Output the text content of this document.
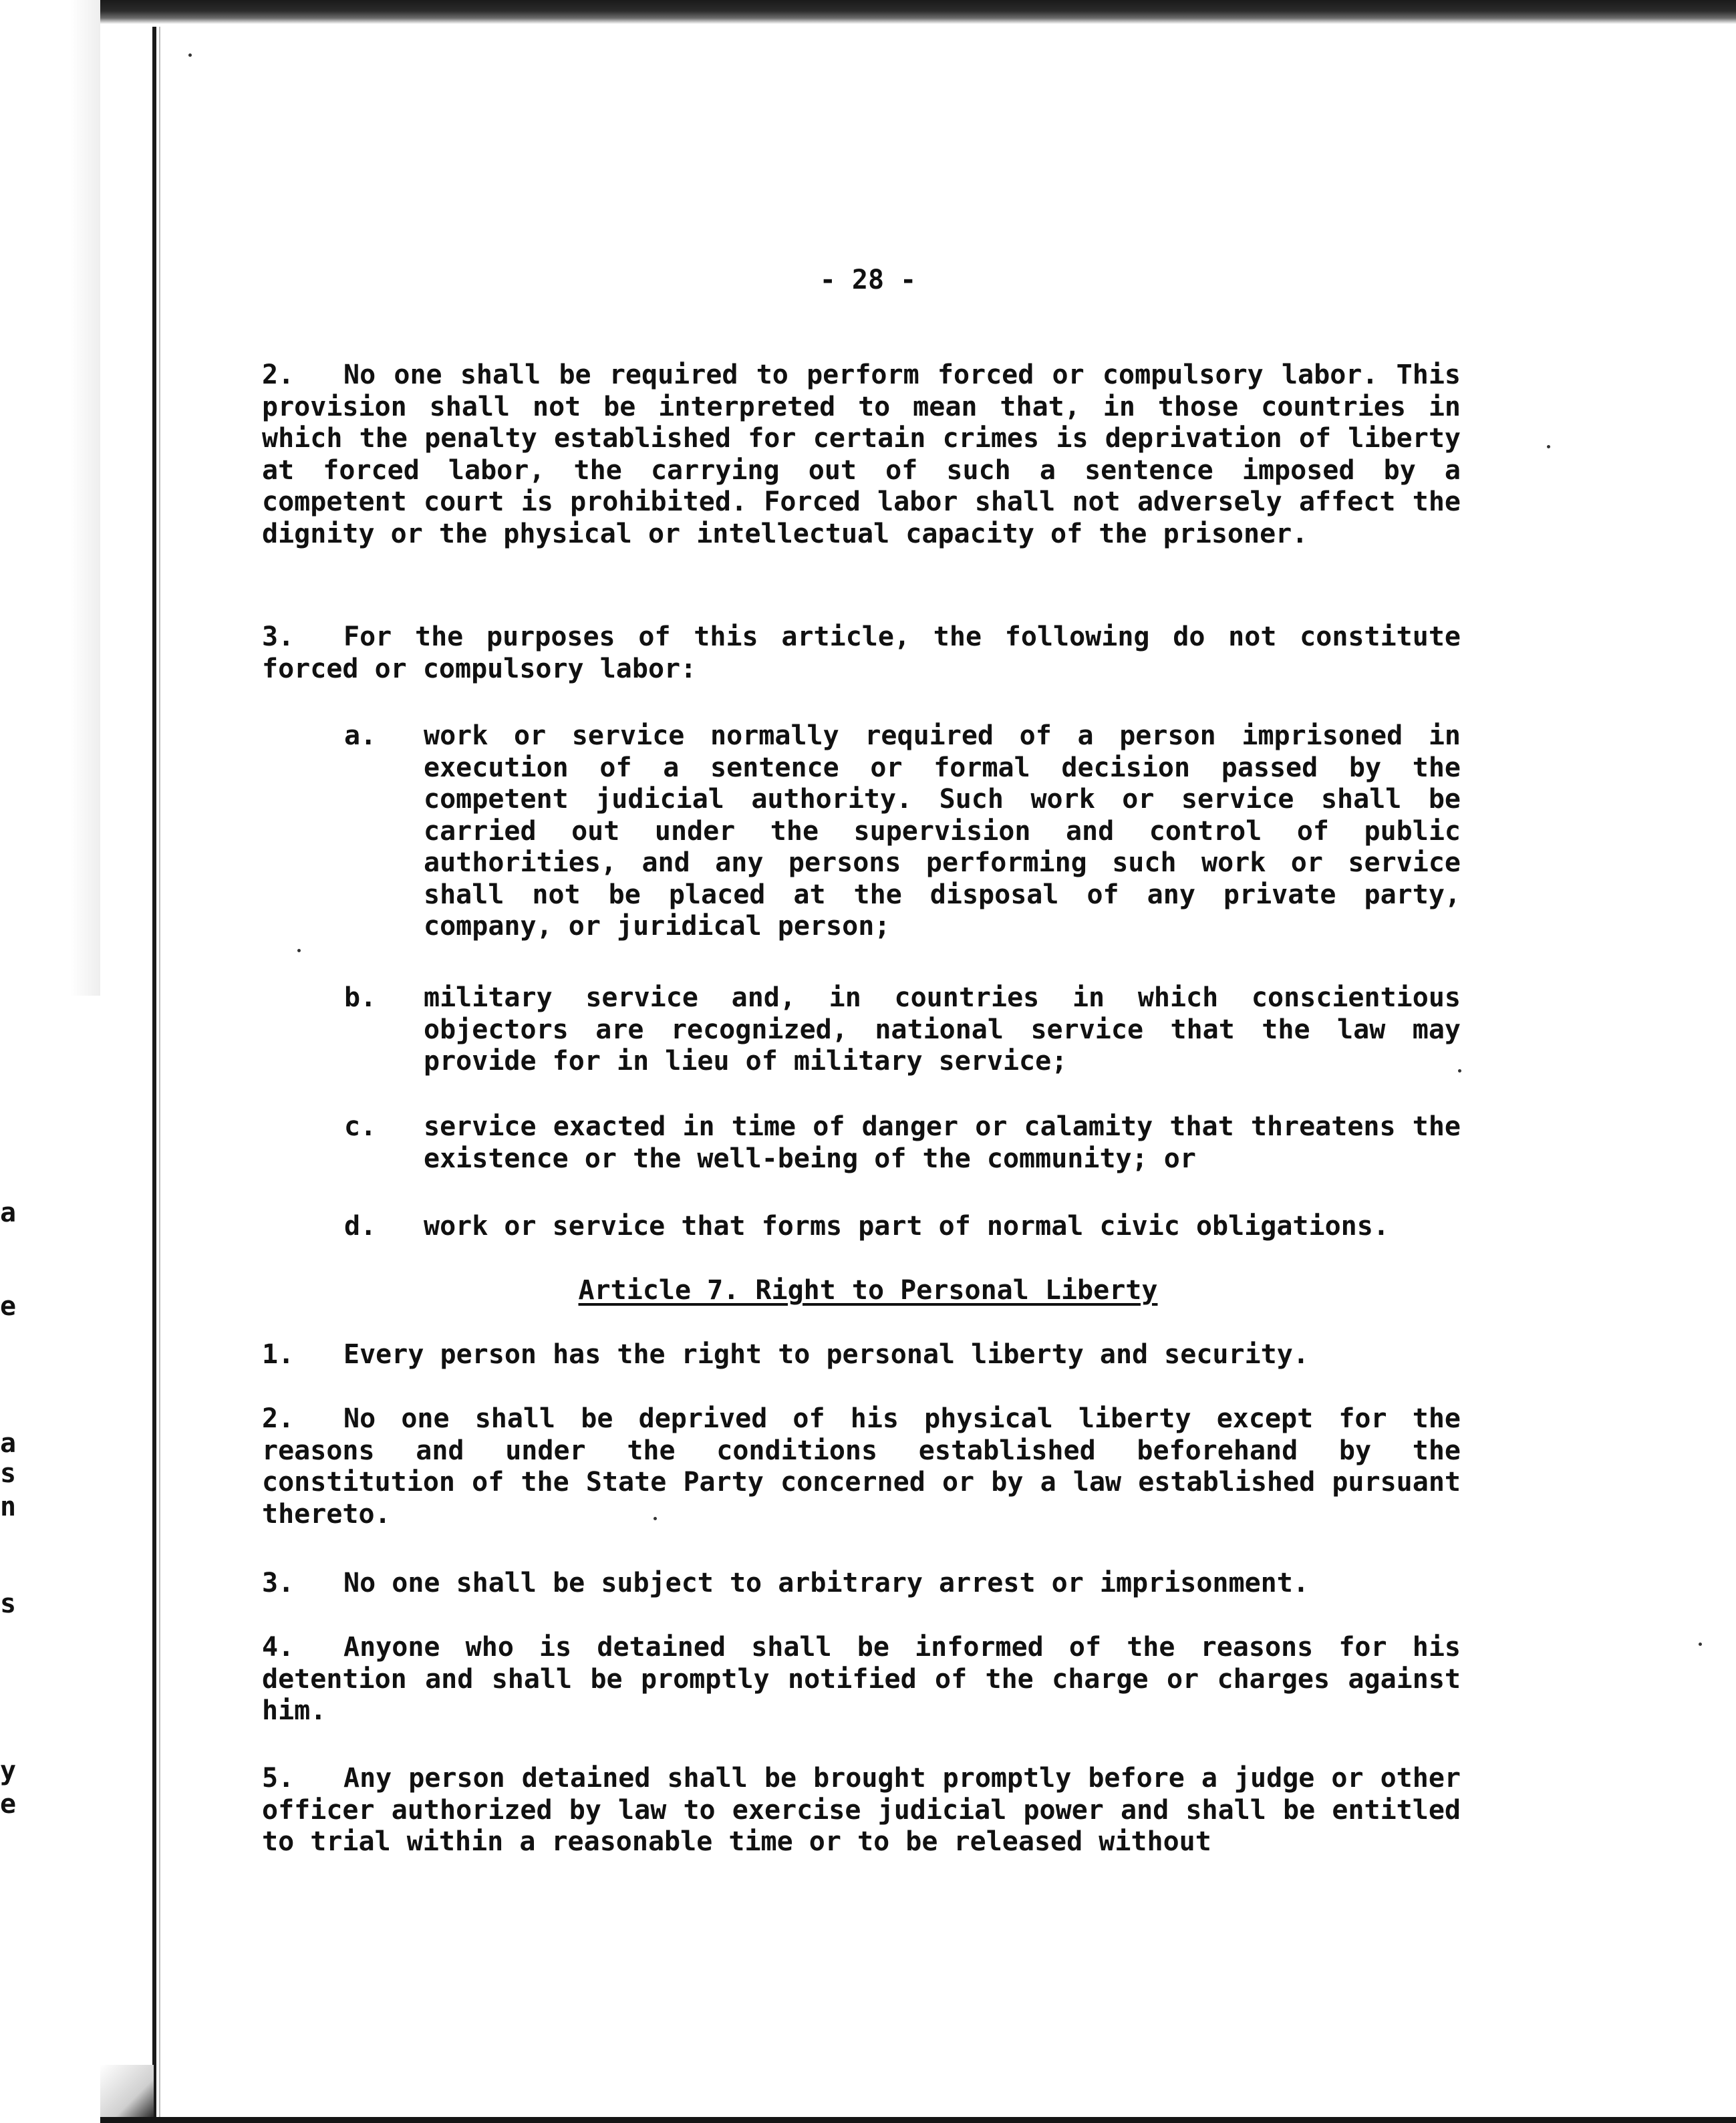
a
e
a
s
n
s
y
e
- 28 -

2. No one shall be required to perform forced or compulsory labor. This provision shall not be interpreted to mean that, in those countries in which the penalty established for certain crimes is deprivation of liberty at forced labor, the carrying out of such a sentence imposed by a competent court is prohibited. Forced labor shall not adversely affect the dignity or the physical or intellectual capacity of the prisoner.

3. For the purposes of this article, the following do not constitute forced or compulsory labor:

a. work or service normally required of a person imprisoned in execution of a sentence or formal decision passed by the competent judicial authority. Such work or service shall be carried out under the supervision and control of public authorities, and any persons performing such work or service shall not be placed at the disposal of any private party, company, or juridical person;

b. military service and, in countries in which conscientious objectors are recognized, national service that the law may provide for in lieu of military service;

c. service exacted in time of danger or calamity that threatens the existence or the well-being of the community; or

d. work or service that forms part of normal civic obligations.

Article 7. Right to Personal Liberty

1. Every person has the right to personal liberty and security.

2. No one shall be deprived of his physical liberty except for the reasons and under the conditions established beforehand by the constitution of the State Party concerned or by a law established pursuant thereto.

3. No one shall be subject to arbitrary arrest or imprisonment.

4. Anyone who is detained shall be informed of the reasons for his detention and shall be promptly notified of the charge or charges against him.

5. Any person detained shall be brought promptly before a judge or other officer authorized by law to exercise judicial power and shall be entitled to trial within a reasonable time or to be released without
